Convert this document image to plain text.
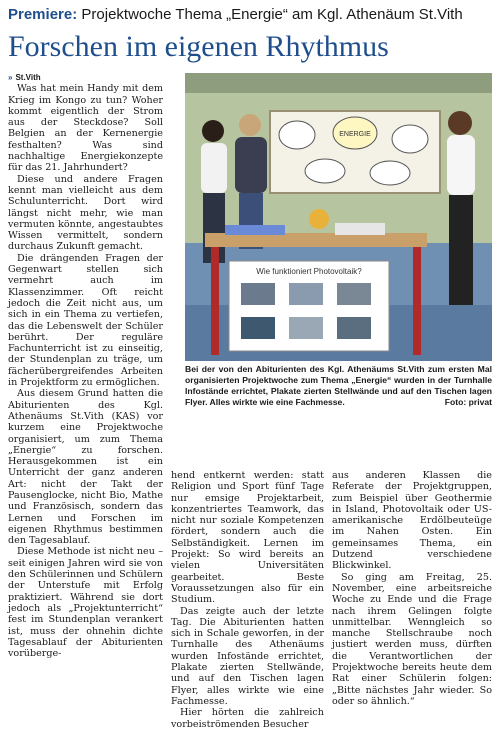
Premiere: Projektwoche Thema „Energie“ am Kgl. Athenäum St.Vith
Forschen im eigenen Rhythmus

» St.Vith

Was hat mein Handy mit dem Krieg im Kongo zu tun? Woher kommt eigentlich der Strom aus der Steckdose? Soll Belgien an der Kernenergie festhalten? Was sind nachhaltige Energiekonzepte für das 21. Jahrhundert?

Diese und andere Fragen kennt man vielleicht aus dem Schulunterricht. Dort wird längst nicht mehr, wie man vermuten könnte, angestaubtes Wissen vermittelt, sondern durchaus Zukunft gemacht.

Die drängenden Fragen der Gegenwart stellen sich vermehrt auch im Klassenzimmer. Oft reicht jedoch die Zeit nicht aus, um sich in ein Thema zu vertiefen, das die Lebenswelt der Schüler berührt. Der reguläre Fachunterricht ist zu einseitig, der Stundenplan zu träge, um fächerübergreifendes Arbeiten in Projektform zu ermöglichen.

Aus diesem Grund hatten die Abiturienten des Kgl. Athenäums St.Vith (KAS) vor kurzem eine Projektwoche organisiert, um zum Thema „Energie“ zu forschen. Herausgekommen ist ein Unterricht der ganz anderen Art: nicht der Takt der Pausenglocke, nicht Bio, Mathe und Französisch, sondern das Lernen und Forschen im eigenen Rhythmus bestimmen den Tagesablauf.

Diese Methode ist nicht neu – seit einigen Jahren wird sie von den Schülerinnen und Schülern der Unterstufe mit Erfolg praktiziert. Während sie dort jedoch als „Projektunterricht“ fest im Stundenplan verankert ist, muss der ohnehin dichte Tagesablauf der Abiturienten vorüberge-

ENERGIE
Wie funktioniert Photovoltaik?
Bei der von den Abiturienten des Kgl. Athenäums St.Vith zum ersten Mal organisierten Projektwoche zum Thema „Energie“ wurden in der Turnhalle Infostände errichtet, Plakate zierten Stellwände und auf den Tischen lagen Flyer. Alles wirkte wie eine Fachmesse.	Foto: privat

hend entkernt werden: statt Religion und Sport fünf Tage nur emsige Projektarbeit, konzentriertes Teamwork, das nicht nur soziale Kompetenzen fördert, sondern auch die Selbständigkeit. Lernen im Projekt: So wird bereits an vielen Universitäten gearbeitet. Beste Voraussetzungen also für ein Studium.

Das zeigte auch der letzte Tag. Die Abiturienten hatten sich in Schale geworfen, in der Turnhalle des Athenäums wurden Infostände errichtet, Plakate zierten Stellwände, und auf den Tischen lagen Flyer, alles wirkte wie eine Fachmesse.

Hier hörten die zahlreich vorbeiströmenden Besucher

aus anderen Klassen die Referate der Projektgruppen, zum Beispiel über Geothermie in Island, Photovoltaik oder US-amerikanische Erdölbeuteüge im Nahen Osten. Ein gemeinsames Thema, ein Dutzend verschiedene Blickwinkel.

So ging am Freitag, 25. November, eine arbeitsreiche Woche zu Ende und die Frage nach ihrem Gelingen folgte unmittelbar. Wenngleich so manche Stellschraube noch justiert werden muss, dürften die Verantwortlichen der Projektwoche bereits heute dem Rat einer Schülerin folgen: „Bitte nächstes Jahr wieder. So oder so ähnlich.“
